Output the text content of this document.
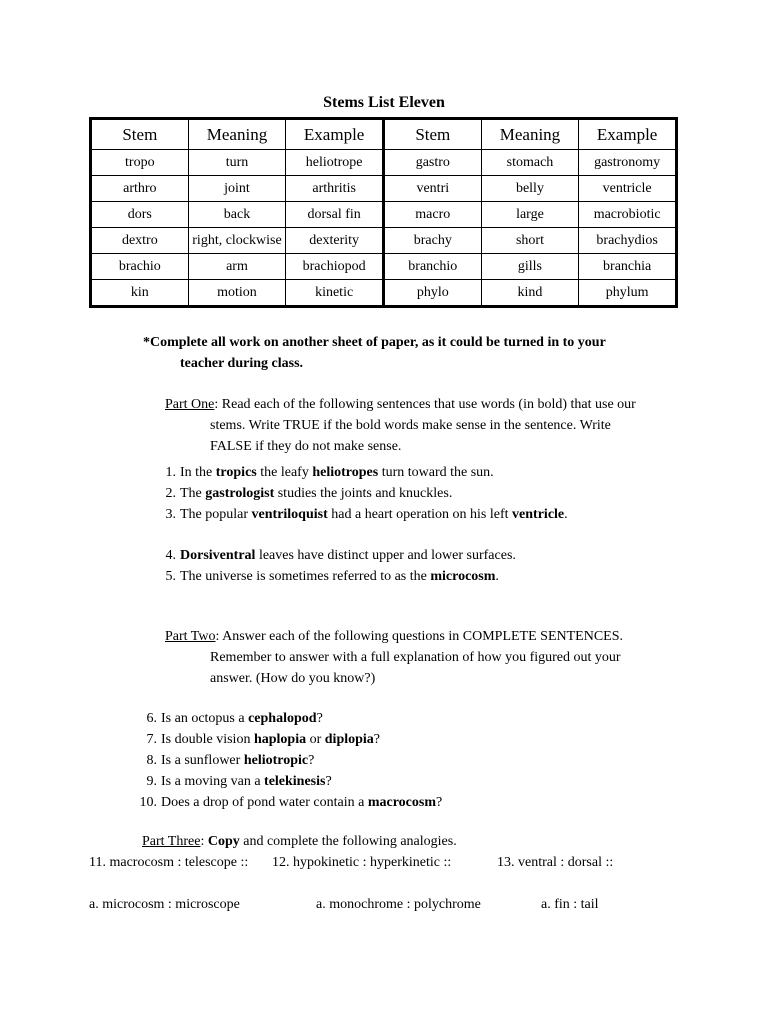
Stems List Eleven
Stem	Meaning	Example	Stem	Meaning	Example
tropo	turn	heliotrope	gastro	stomach	gastronomy
arthro	joint	arthritis	ventri	belly	ventricle
dors	back	dorsal fin	macro	large	macrobiotic
dextro	right, clockwise	dexterity	brachy	short	brachydios
brachio	arm	brachiopod	branchio	gills	branchia
kin	motion	kinetic	phylo	kind	phylum
*Complete all work on another sheet of paper, as it could be turned in to your
teacher during class.
Part One: Read each of the following sentences that use words (in bold) that use our
stems. Write TRUE if the bold words make sense in the sentence. Write
FALSE if they do not make sense.
1. In the tropics the leafy heliotropes turn toward the sun.
2. The gastrologist studies the joints and knuckles.
3. The popular ventriloquist had a heart operation on his left ventricle.
4. Dorsiventral leaves have distinct upper and lower surfaces.
5. The universe is sometimes referred to as the microcosm.
Part Two: Answer each of the following questions in COMPLETE SENTENCES.
Remember to answer with a full explanation of how you figured out your
answer. (How do you know?)
6. Is an octopus a cephalopod?
7. Is double vision haplopia or diplopia?
8. Is a sunflower heliotropic?
9. Is a moving van a telekinesis?
10. Does a drop of pond water contain a macrocosm?
Part Three: Copy and complete the following analogies.
11. macrocosm : telescope :: 12. hypokinetic : hyperkinetic ::	13. ventral : dorsal ::
a. microcosm : microscope	a. monochrome : polychrome	a. fin : tail
